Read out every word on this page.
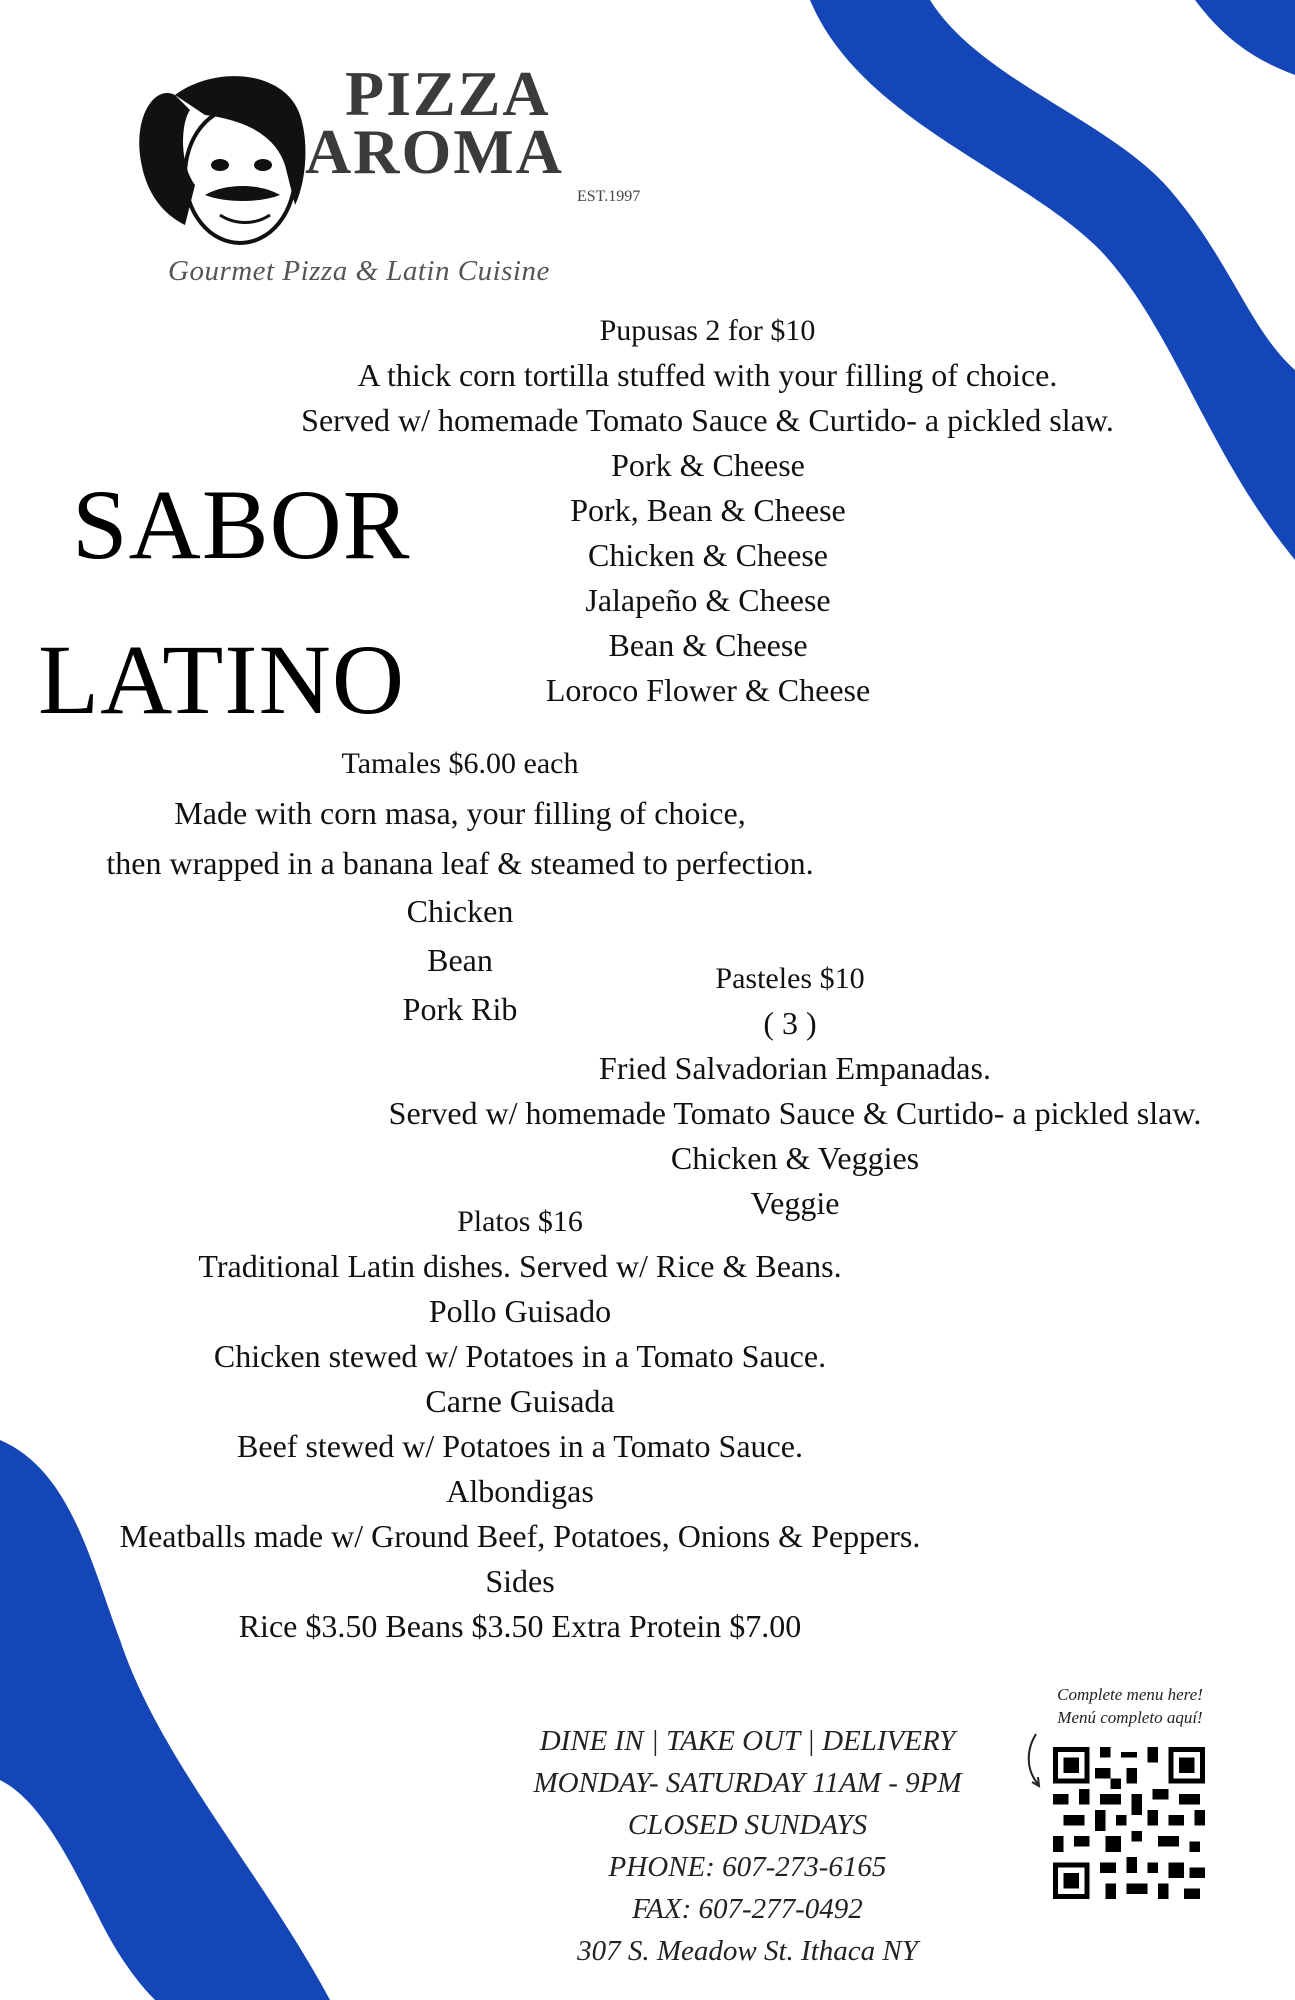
PIZZA
AROMA
EST.1997
Gourmet Pizza & Latin Cuisine
SABOR
LATINO
Pupusas 2 for $10
A thick corn tortilla stuffed with your filling of choice.
Served w/ homemade Tomato Sauce & Curtido- a pickled slaw.
Pork & Cheese
Pork, Bean & Cheese
Chicken & Cheese
Jalapeño & Cheese
Bean & Cheese
Loroco Flower & Cheese
Tamales $6.00 each
Made with corn masa, your filling of choice,
then wrapped in a banana leaf & steamed to perfection.
Chicken
Bean
Pork Rib
Pasteles $10
( 3 )
Fried Salvadorian Empanadas.
Served w/ homemade Tomato Sauce & Curtido- a pickled slaw.
Chicken & Veggies
Veggie
Platos $16
Traditional Latin dishes. Served w/ Rice & Beans.
Pollo Guisado
Chicken stewed w/ Potatoes in a Tomato Sauce.
Carne Guisada
Beef stewed w/ Potatoes in a Tomato Sauce.
Albondigas
Meatballs made w/ Ground Beef, Potatoes, Onions & Peppers.
Sides
Rice $3.50 Beans $3.50 Extra Protein $7.00
DINE IN | TAKE OUT | DELIVERY
MONDAY- SATURDAY 11AM - 9PM
CLOSED SUNDAYS
PHONE: 607-273-6165
FAX: 607-277-0492
307 S. Meadow St. Ithaca NY
Complete menu here!
Menú completo aquí!
